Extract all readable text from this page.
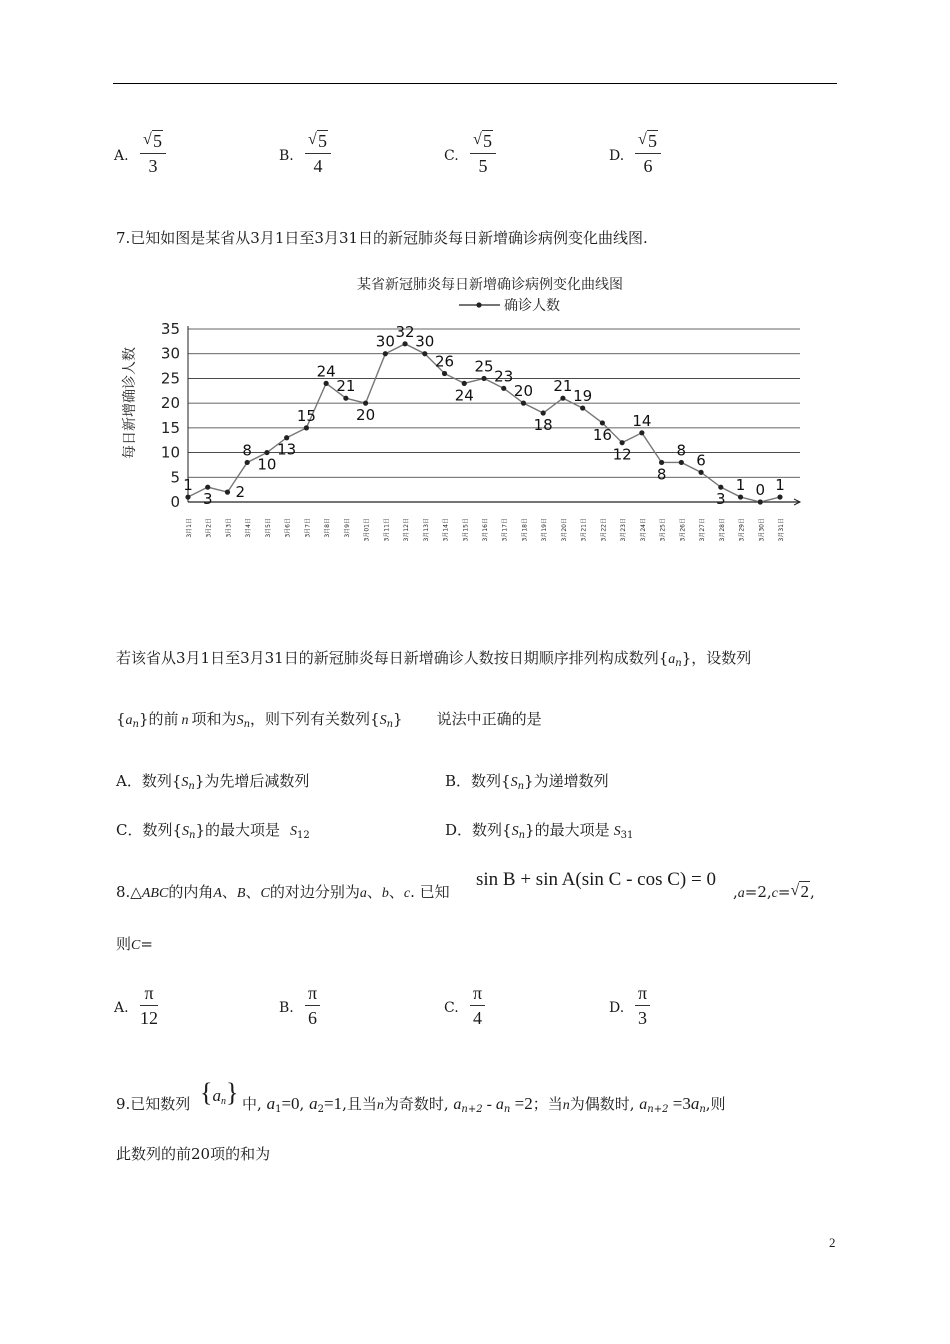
7.已知如图是某省从3月1日至3月31日的新冠肺炎每日新增确诊病例变化曲线图.
某省新冠肺炎每日新增确诊病例变化曲线图
确诊人数
每日新增确诊人数
0
5
10
15
20
25
30
35
3月1日 3月2日 3月3日 3月4日 3月5日 3月6日 3月7日 3月8日 3月9日 3月01日 3月11日 3月12日 3月13日 3月14日 3月15日 3月16日 3月17日 3月18日 3月19日 3月20日 3月21日 3月22日 3月23日 3月24日 3月25日 3月26日 3月27日 3月28日 3月29日 3月30日 3月31日
1
3 2
8
10
13
15
24
21
20
30
32
30
26
24
25
23
20
18
21
19
16
12
14
8
8
6
3
1 0 1
若该省从3月1日至3月31日的新冠肺炎每日新增确诊人数按日期顺序排列构成数列$\{a_n\}$，设数列
$\{a_n\}$的前 n 项和为$S_n$，则下列有关数列$\{S_n\}$ 说法中正确的是
A．数列$\{S_n\}$为先增后减数列	B．数列$\{S_n\}$为递增数列
C．数列$\{S_n\}$的最大项是 $S_{12}$	D．数列$\{S_n\}$的最大项是 $S_{31}$
8.△ABC的内角A、B、C的对边分别为a、b、c. 已知
sin B + sin A(sin C - cos C) = 0
,a=2,c= √ 2,
则C=
9.已知数列 $\{a_n\}$ 中, $a_1=0$, $a_2=1$,且当n为奇数时, $a_{n+2} - a_n =2$；当n为偶数时, $a_{n+2} =3a_n$,则
此数列的前20项的和为
2
A.
√ 5
3	B.
√ 5
4	C.
√ 5
5	D.
√ 5
6
A.
π
12	B.
π
6	C.
π
4	D.
π
3
